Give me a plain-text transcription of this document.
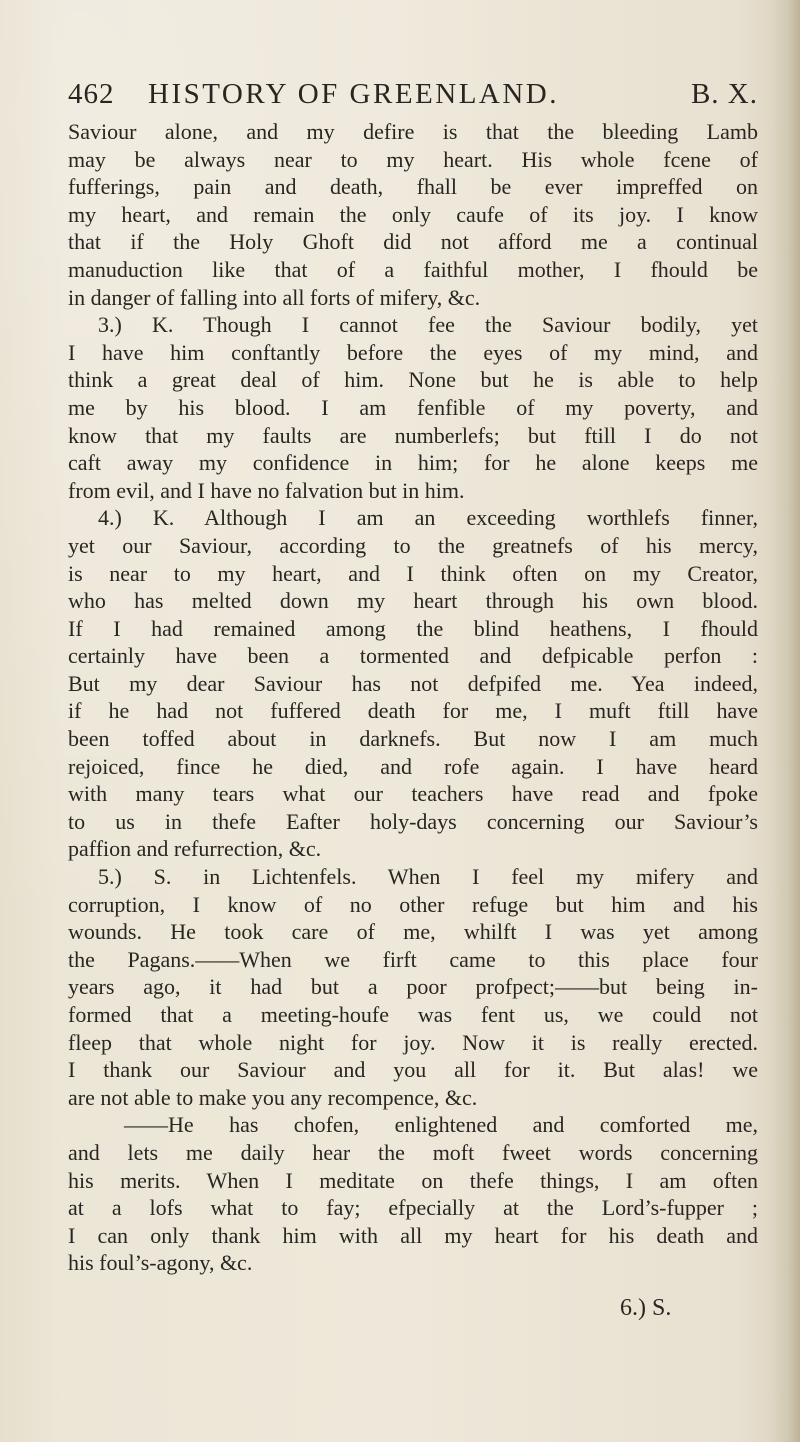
462 HISTORY OF GREENLAND.	B. X.
Saviour alone, and my defire is that the bleeding Lamb
may be always near to my heart. His whole fcene of
fufferings, pain and death, fhall be ever impreffed on
my heart, and remain the only caufe of its joy. I know
that if the Holy Ghoft did not afford me a continual
manuduction like that of a faithful mother, I fhould be
in danger of falling into all forts of mifery, &c.
3.) K. Though I cannot fee the Saviour bodily, yet
I have him conftantly before the eyes of my mind, and
think a great deal of him. None but he is able to help
me by his blood. I am fenfible of my poverty, and
know that my faults are numberlefs; but ftill I do not
caft away my confidence in him; for he alone keeps me
from evil, and I have no falvation but in him.
4.) K. Although I am an exceeding worthlefs finner,
yet our Saviour, according to the greatnefs of his mercy,
is near to my heart, and I think often on my Creator,
who has melted down my heart through his own blood.
If I had remained among the blind heathens, I fhould
certainly have been a tormented and defpicable perfon :
But my dear Saviour has not defpifed me. Yea indeed,
if he had not fuffered death for me, I muft ftill have
been toffed about in darknefs. But now I am much
rejoiced, fince he died, and rofe again. I have heard
with many tears what our teachers have read and fpoke
to us in thefe Eafter holy-days concerning our Saviour’s
paffion and refurrection, &c.
5.) S. in Lichtenfels. When I feel my mifery and
corruption, I know of no other refuge but him and his
wounds. He took care of me, whilft I was yet among
the Pagans.——When we firft came to this place four
years ago, it had but a poor profpect;——but being in-
formed that a meeting-houfe was fent us, we could not
fleep that whole night for joy. Now it is really erected.
I thank our Saviour and you all for it. But alas! we
are not able to make you any recompence, &c.
——He has chofen, enlightened and comforted me,
and lets me daily hear the moft fweet words concerning
his merits. When I meditate on thefe things, I am often
at a lofs what to fay; efpecially at the Lord’s-fupper ;
I can only thank him with all my heart for his death and
his foul’s-agony, &c.
6.) S.
